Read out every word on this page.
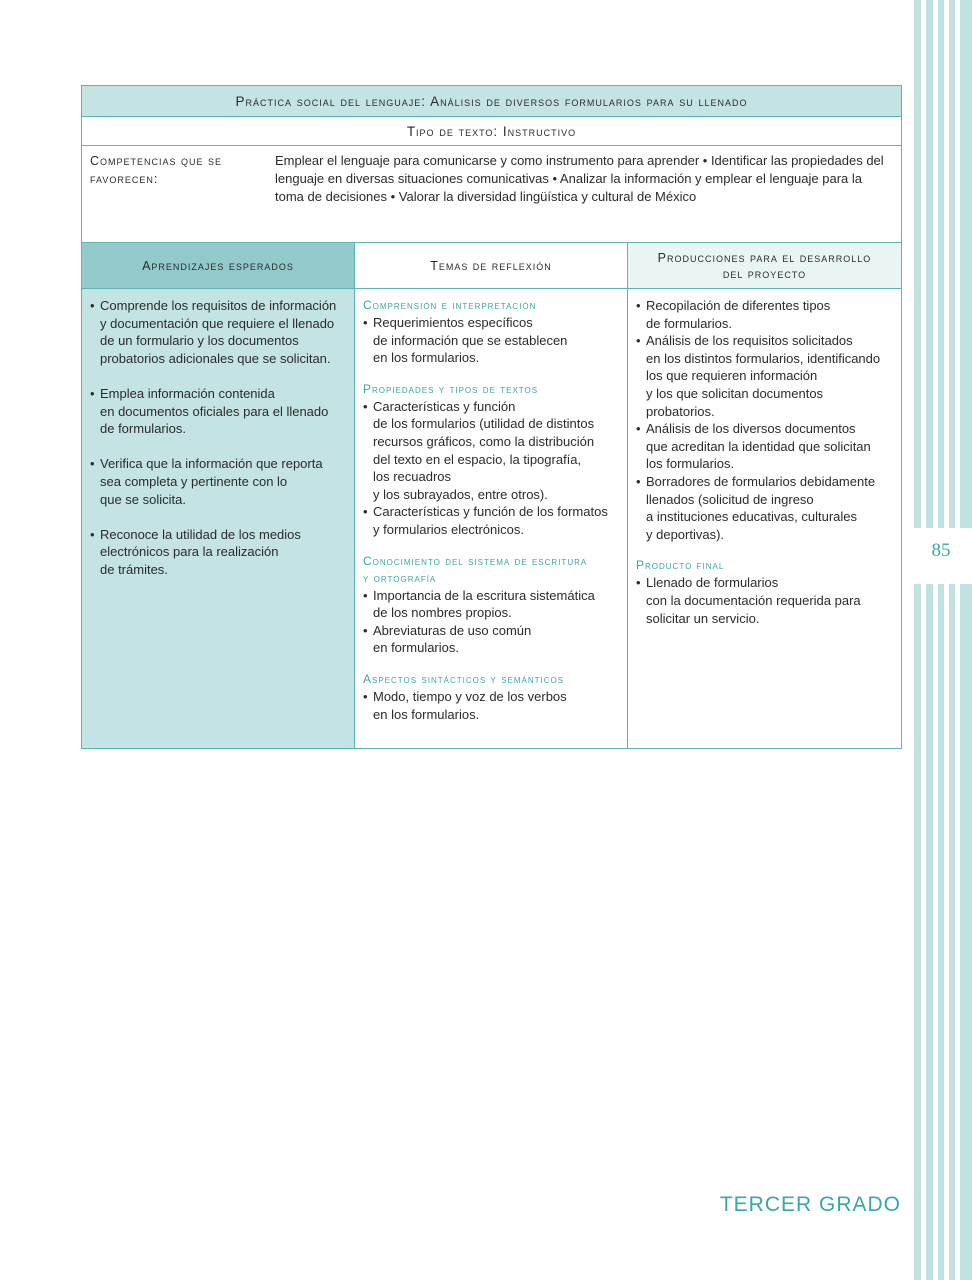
85
Práctica social del lenguaje: Análisis de diversos formularios para su llenado
Tipo de texto: Instructivo
Competencias que se favorecen:
Emplear el lenguaje para comunicarse y como instrumento para aprender • Identificar las propiedades del lenguaje en diversas situaciones comunicativas • Analizar la información y emplear el lenguaje para la toma de decisiones • Valorar la diversidad lingüística y cultural de México
Aprendizajes esperados	Temas de reflexión
Producciones para el desarrollo
del proyecto
• Comprende los requisitos de información
y documentación que requiere el llenado
de un formulario y los documentos
probatorios adicionales que se solicitan.
• Emplea información contenida
en documentos oficiales para el llenado
de formularios.
• Verifica que la información que reporta
sea completa y pertinente con lo
que se solicita.
• Reconoce la utilidad de los medios
electrónicos para la realización
de trámites.
Comprensión e interpretación
• Requerimientos específicos
de información que se establecen
en los formularios.
Propiedades y tipos de textos
• Características y función
de los formularios (utilidad de distintos
recursos gráficos, como la distribución
del texto en el espacio, la tipografía,
los recuadros
y los subrayados, entre otros).
• Características y función de los formatos
y formularios electrónicos.
Conocimiento del sistema de escritura
y ortografía
• Importancia de la escritura sistemática
de los nombres propios.
• Abreviaturas de uso común
en formularios.
Aspectos sintácticos y semánticos
• Modo, tiempo y voz de los verbos
en los formularios.
• Recopilación de diferentes tipos
de formularios.
• Análisis de los requisitos solicitados
en los distintos formularios, identificando
los que requieren información
y los que solicitan documentos
probatorios.
• Análisis de los diversos documentos
que acreditan la identidad que solicitan
los formularios.
• Borradores de formularios debidamente
llenados (solicitud de ingreso
a instituciones educativas, culturales
y deportivas).
Producto final
• Llenado de formularios
con la documentación requerida para
solicitar un servicio.
TERCER GRADO
